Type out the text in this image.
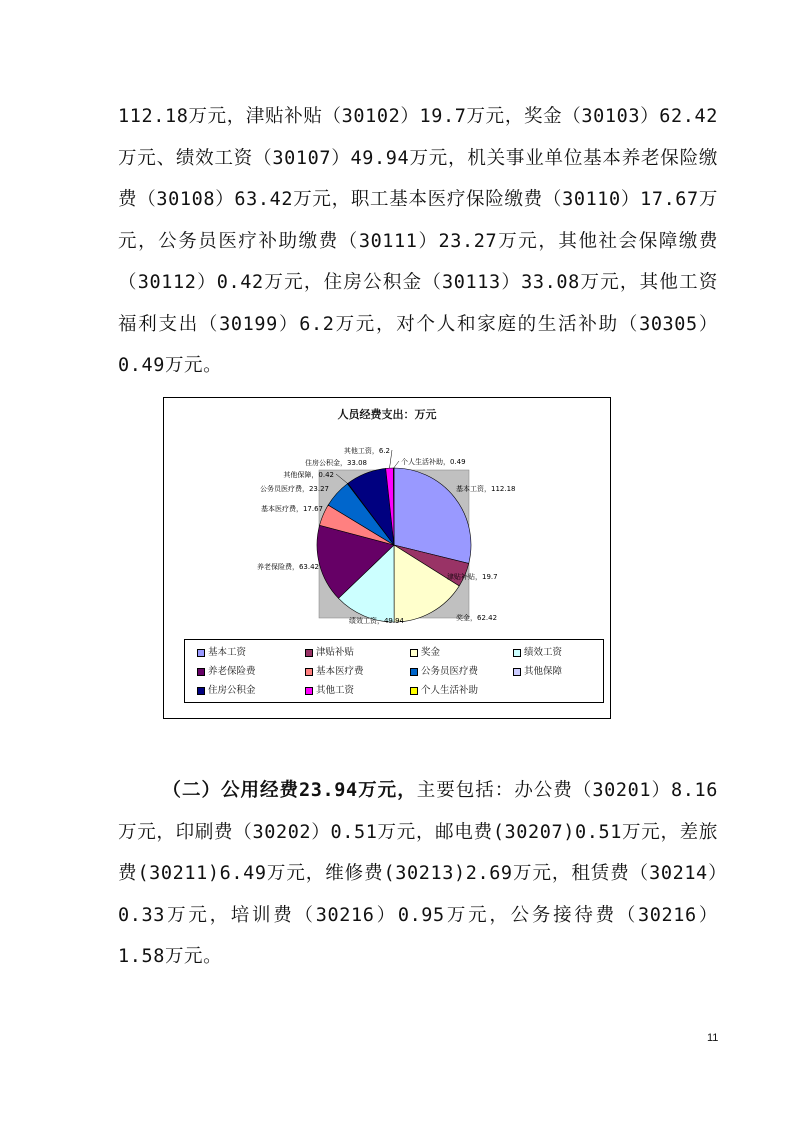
112.18万元，津贴补贴（30102）19.7万元，奖金（30103）62.42万元、绩效工资（30107）49.94万元，机关事业单位基本养老保险缴费（30108）63.42万元，职工基本医疗保险缴费（30110）17.67万元，公务员医疗补助缴费（30111）23.27万元，其他社会保障缴费（30112）0.42万元，住房公积金（30113）33.08万元，其他工资福利支出（30199）6.2万元，对个人和家庭的生活补助（30305）0.49万元。

人员经费支出：万元
基本工资，112.18
津贴补贴，19.7
奖金，62.42
绩效工资，49.94
养老保险费，63.42
基本医疗费，17.67
公务员医疗费，23.27
其他保障，0.42
住房公积金，33.08
其他工资，6.2
个人生活补助，0.49
基本工资	津贴补贴	奖金	绩效工资
养老保险费	基本医疗费	公务员医疗费	其他保障
住房公积金	其他工资	个人生活补助

（二）公用经费23.94万元，主要包括：办公费（30201）8.16万元，印刷费（30202）0.51万元，邮电费(30207)0.51万元，差旅费(30211)6.49万元，维修费(30213)2.69万元，租赁费（30214）0.33万元，培训费（30216）0.95万元，公务接待费（30216）1.58万元。

11
